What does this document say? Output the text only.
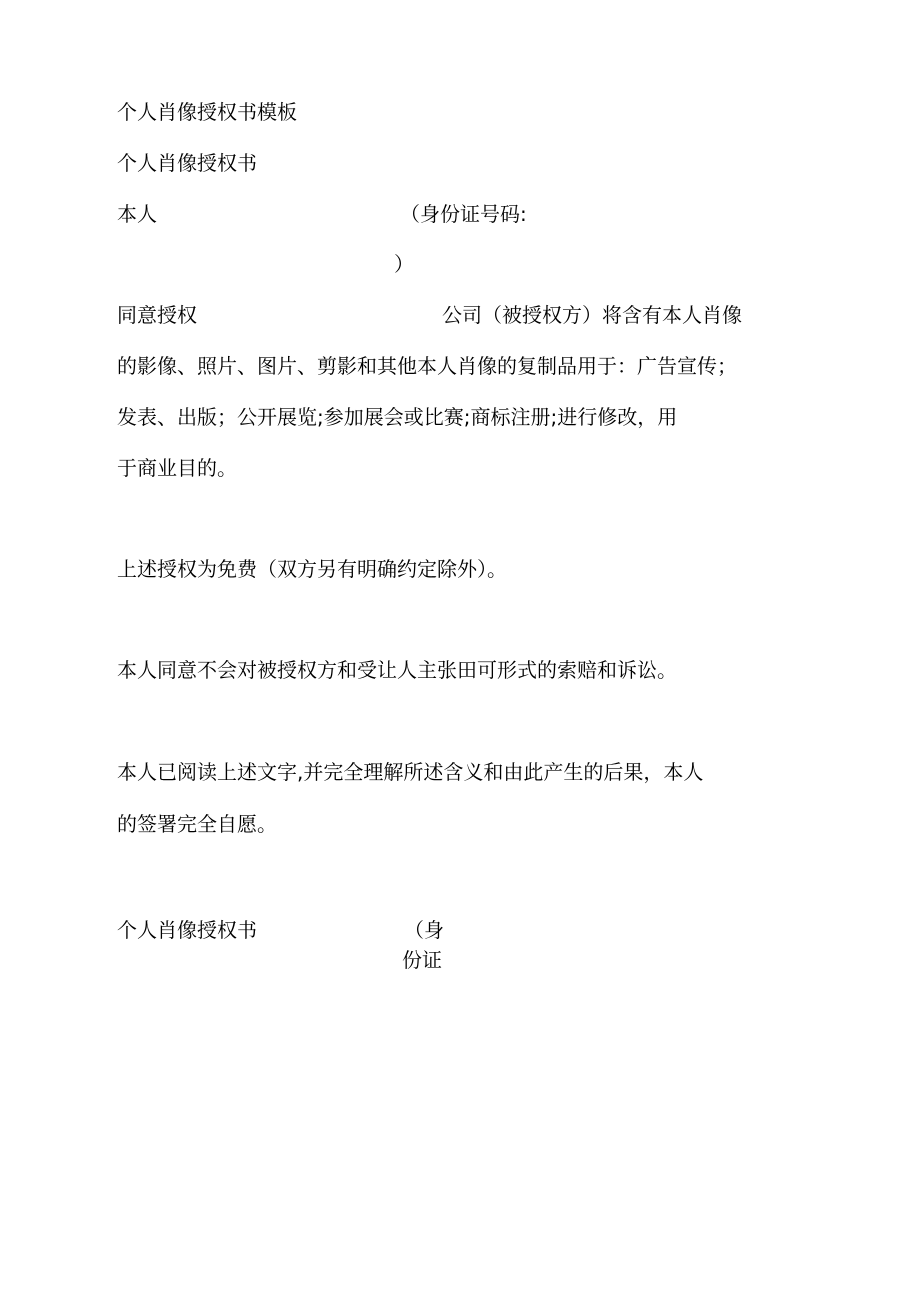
个人肖像授权书模板

个人肖像授权书

本人	（身份证号码:

）

同意授权	公司（被授权方）将含有本人肖像

的影像、照片、图片、剪影和其他本人肖像的复制品用于：广告宣传；

发表、出版；公开展览;参加展会或比赛;商标注册;进行修改，用

于商业目的。

上述授权为免费（双方另有明确约定除外）。

本人同意不会对被授权方和受让人主张田可形式的索赔和诉讼。

本人已阅读上述文字,并完全理解所述含义和由此产生的后果，本人

的签署完全自愿。

个人肖像授权书	（身

份证
